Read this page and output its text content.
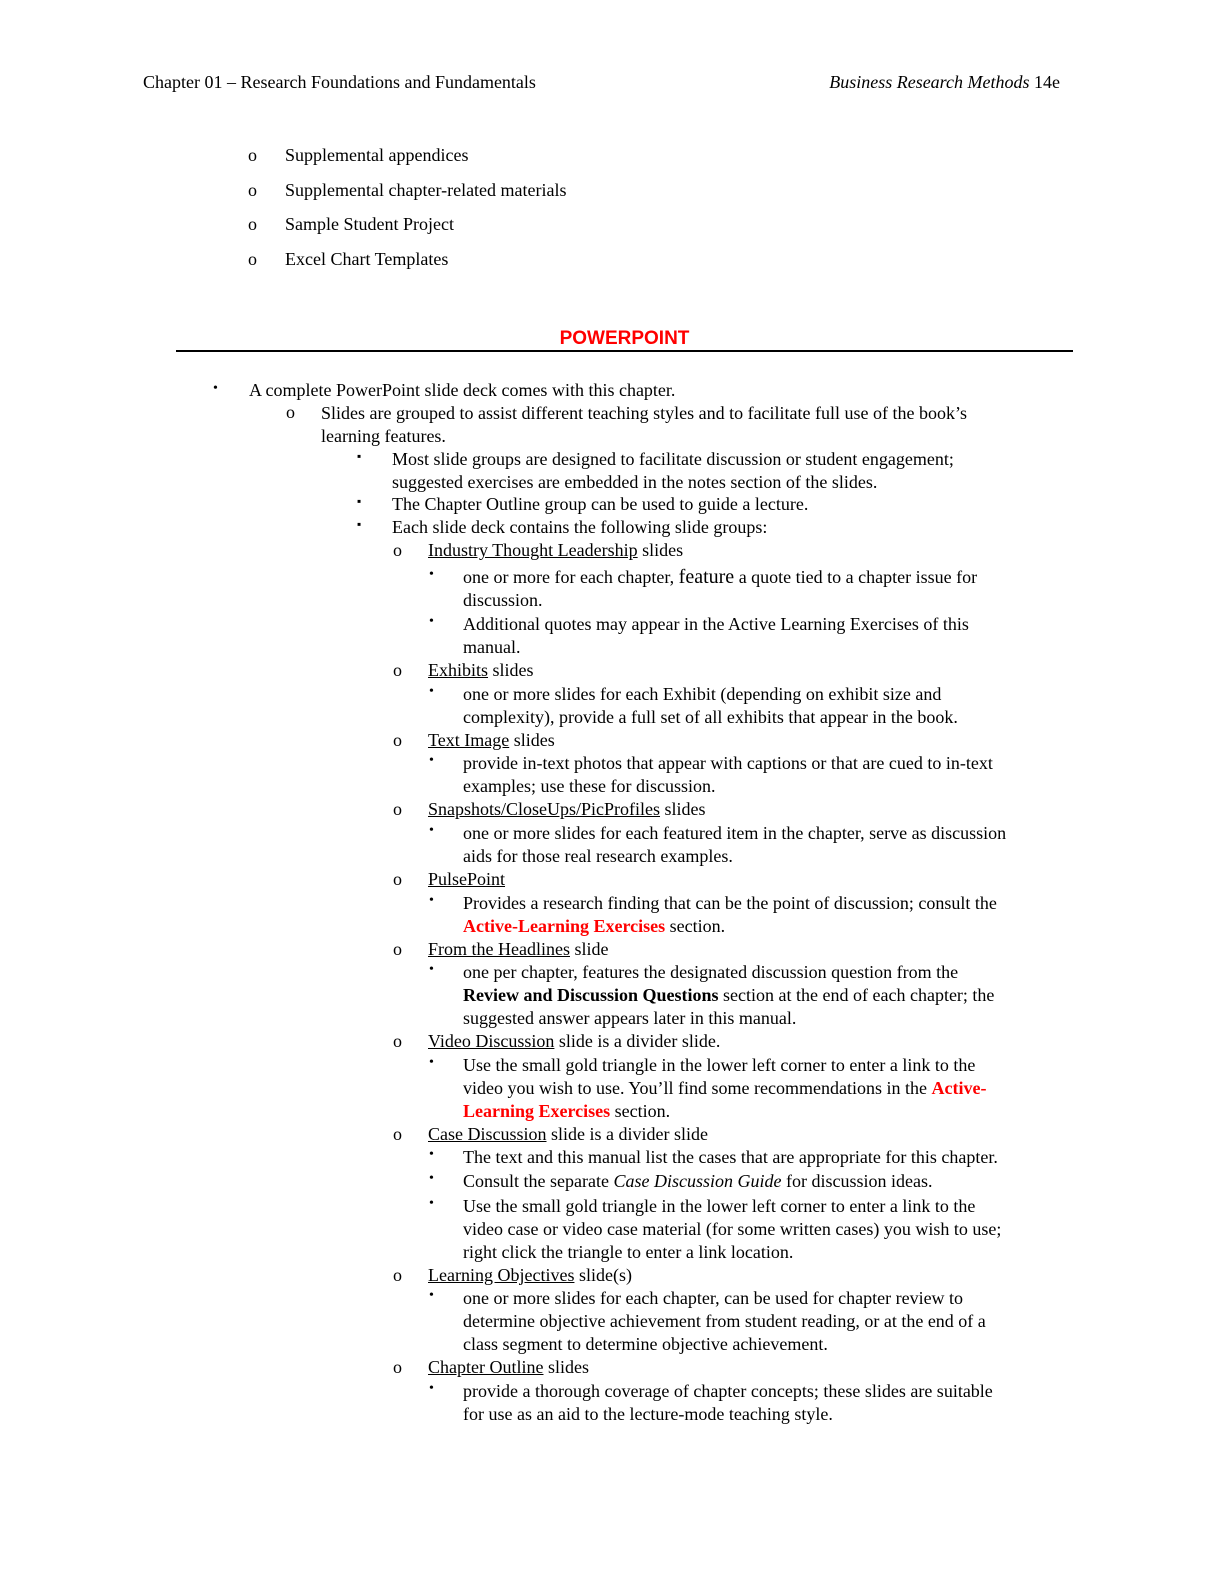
Chapter 01 – Research Foundations and Fundamentals	Business Research Methods 14e
o	Supplemental appendices
o	Supplemental chapter-related materials
o	Sample Student Project
o	Excel Chart Templates
POWERPOINT
• A complete PowerPoint slide deck comes with this chapter.
o Slides are grouped to assist different teaching styles and to facilitate full use of the book’s
learning features.
▪ Most slide groups are designed to facilitate discussion or student engagement;
suggested exercises are embedded in the notes section of the slides.
▪ The Chapter Outline group can be used to guide a lecture.
▪ Each slide deck contains the following slide groups:
o Industry Thought Leadership slides
• one or more for each chapter, feature a quote tied to a chapter issue for
discussion.
• Additional quotes may appear in the Active Learning Exercises of this
manual.
o Exhibits slides
• one or more slides for each Exhibit (depending on exhibit size and
complexity), provide a full set of all exhibits that appear in the book.
o Text Image slides
• provide in-text photos that appear with captions or that are cued to in-text
examples; use these for discussion.
o Snapshots/CloseUps/PicProfiles slides
• one or more slides for each featured item in the chapter, serve as discussion
aids for those real research examples.
o PulsePoint
• Provides a research finding that can be the point of discussion; consult the
Active-Learning Exercises section.
o From the Headlines slide
• one per chapter, features the designated discussion question from the
Review and Discussion Questions section at the end of each chapter; the
suggested answer appears later in this manual.
o Video Discussion slide is a divider slide.
• Use the small gold triangle in the lower left corner to enter a link to the
video you wish to use. You’ll find some recommendations in the Active-
Learning Exercises section.
o Case Discussion slide is a divider slide
• The text and this manual list the cases that are appropriate for this chapter.
• Consult the separate Case Discussion Guide for discussion ideas.
• Use the small gold triangle in the lower left corner to enter a link to the
video case or video case material (for some written cases) you wish to use;
right click the triangle to enter a link location.
o Learning Objectives slide(s)
• one or more slides for each chapter, can be used for chapter review to
determine objective achievement from student reading, or at the end of a
class segment to determine objective achievement.
o Chapter Outline slides
• provide a thorough coverage of chapter concepts; these slides are suitable
for use as an aid to the lecture-mode teaching style.
